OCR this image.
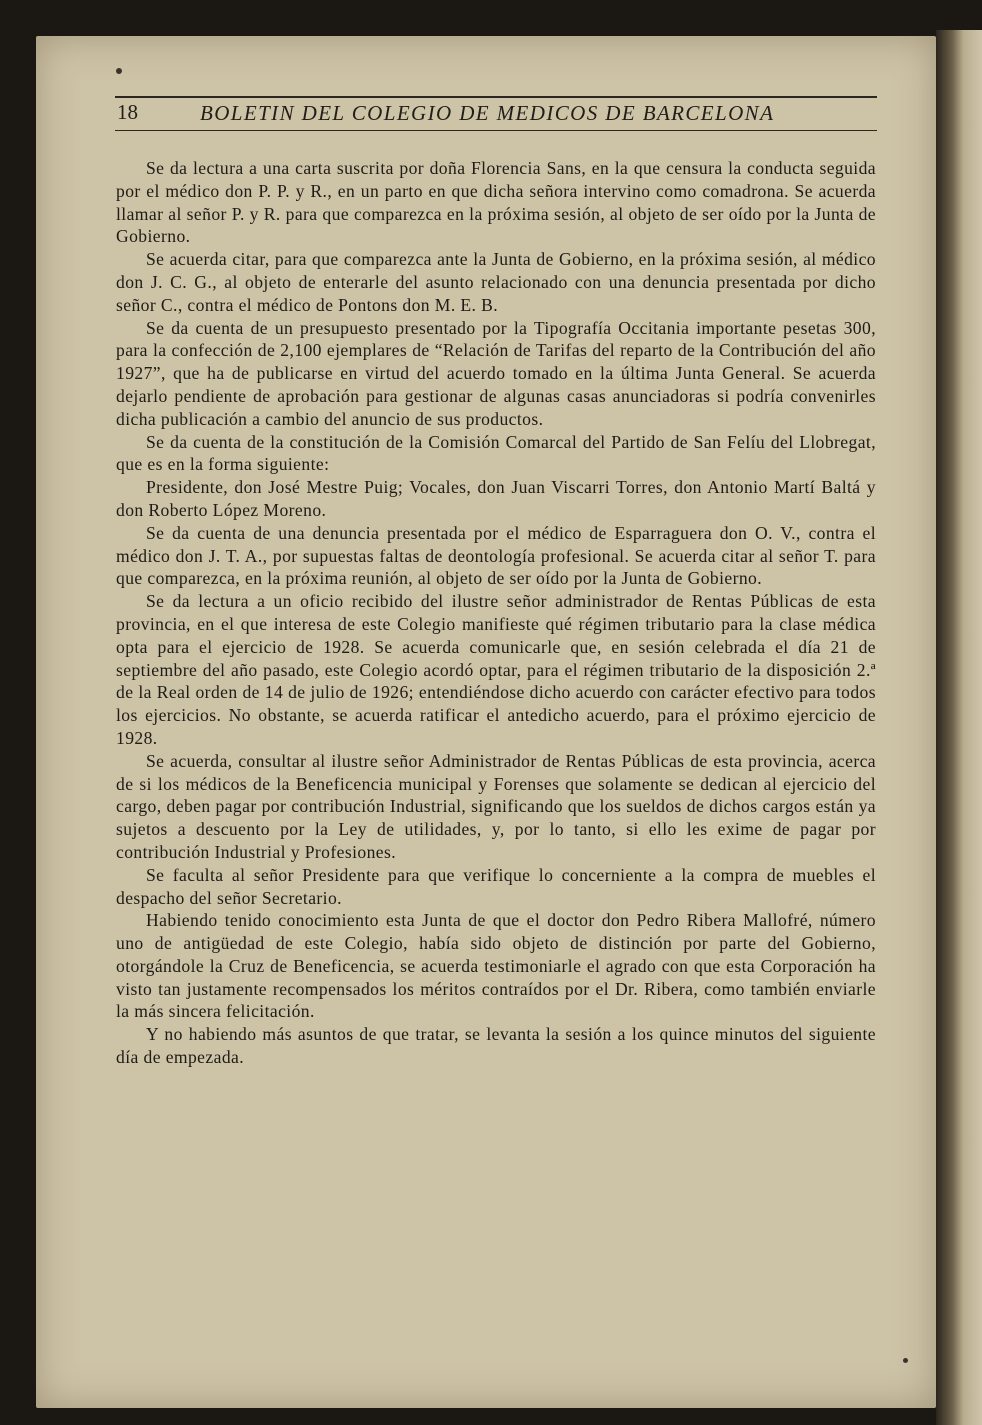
18	BOLETIN DEL COLEGIO DE MEDICOS DE BARCELONA

Se da lectura a una carta suscrita por doña Florencia Sans, en la que censura la conducta seguida por el médico don P. P. y R., en un parto en que dicha señora intervino como comadrona. Se acuerda llamar al señor P. y R. para que comparezca en la próxima sesión, al objeto de ser oído por la Junta de Gobierno.

Se acuerda citar, para que comparezca ante la Junta de Gobierno, en la próxima sesión, al médico don J. C. G., al objeto de enterarle del asunto relacionado con una denuncia presentada por dicho señor C., contra el médico de Pontons don M. E. B.

Se da cuenta de un presupuesto presentado por la Tipografía Occitania importante pesetas 300, para la confección de 2,100 ejemplares de “Relación de Tarifas del reparto de la Contribución del año 1927”, que ha de publicarse en virtud del acuerdo tomado en la última Junta General. Se acuerda dejarlo pendiente de aprobación para gestionar de algunas casas anunciadoras si podría convenirles dicha publicación a cambio del anuncio de sus productos.

Se da cuenta de la constitución de la Comisión Comarcal del Partido de San Felíu del Llobregat, que es en la forma siguiente:

Presidente, don José Mestre Puig; Vocales, don Juan Viscarri Torres, don Antonio Martí Baltá y don Roberto López Moreno.

Se da cuenta de una denuncia presentada por el médico de Esparraguera don O. V., contra el médico don J. T. A., por supuestas faltas de deontología profesional. Se acuerda citar al señor T. para que comparezca, en la próxima reunión, al objeto de ser oído por la Junta de Gobierno.

Se da lectura a un oficio recibido del ilustre señor administrador de Rentas Públicas de esta provincia, en el que interesa de este Colegio manifieste qué régimen tributario para la clase médica opta para el ejercicio de 1928. Se acuerda comunicarle que, en sesión celebrada el día 21 de septiembre del año pasado, este Colegio acordó optar, para el régimen tributario de la disposición 2.ª de la Real orden de 14 de julio de 1926; entendiéndose dicho acuerdo con carácter efectivo para todos los ejercicios. No obstante, se acuerda ratificar el antedicho acuerdo, para el próximo ejercicio de 1928.

Se acuerda, consultar al ilustre señor Administrador de Rentas Públicas de esta provincia, acerca de si los médicos de la Beneficencia municipal y Forenses que solamente se dedican al ejercicio del cargo, deben pagar por contribución Industrial, significando que los sueldos de dichos cargos están ya sujetos a descuento por la Ley de utilidades, y, por lo tanto, si ello les exime de pagar por contribución Industrial y Profesiones.

Se faculta al señor Presidente para que verifique lo concerniente a la compra de muebles el despacho del señor Secretario.

Habiendo tenido conocimiento esta Junta de que el doctor don Pedro Ribera Mallofré, número uno de antigüedad de este Colegio, había sido objeto de distinción por parte del Gobierno, otorgándole la Cruz de Beneficencia, se acuerda testimoniarle el agrado con que esta Corporación ha visto tan justamente recompensados los méritos contraídos por el Dr. Ribera, como también enviarle la más sincera felicitación.

Y no habiendo más asuntos de que tratar, se levanta la sesión a los quince minutos del siguiente día de empezada.
